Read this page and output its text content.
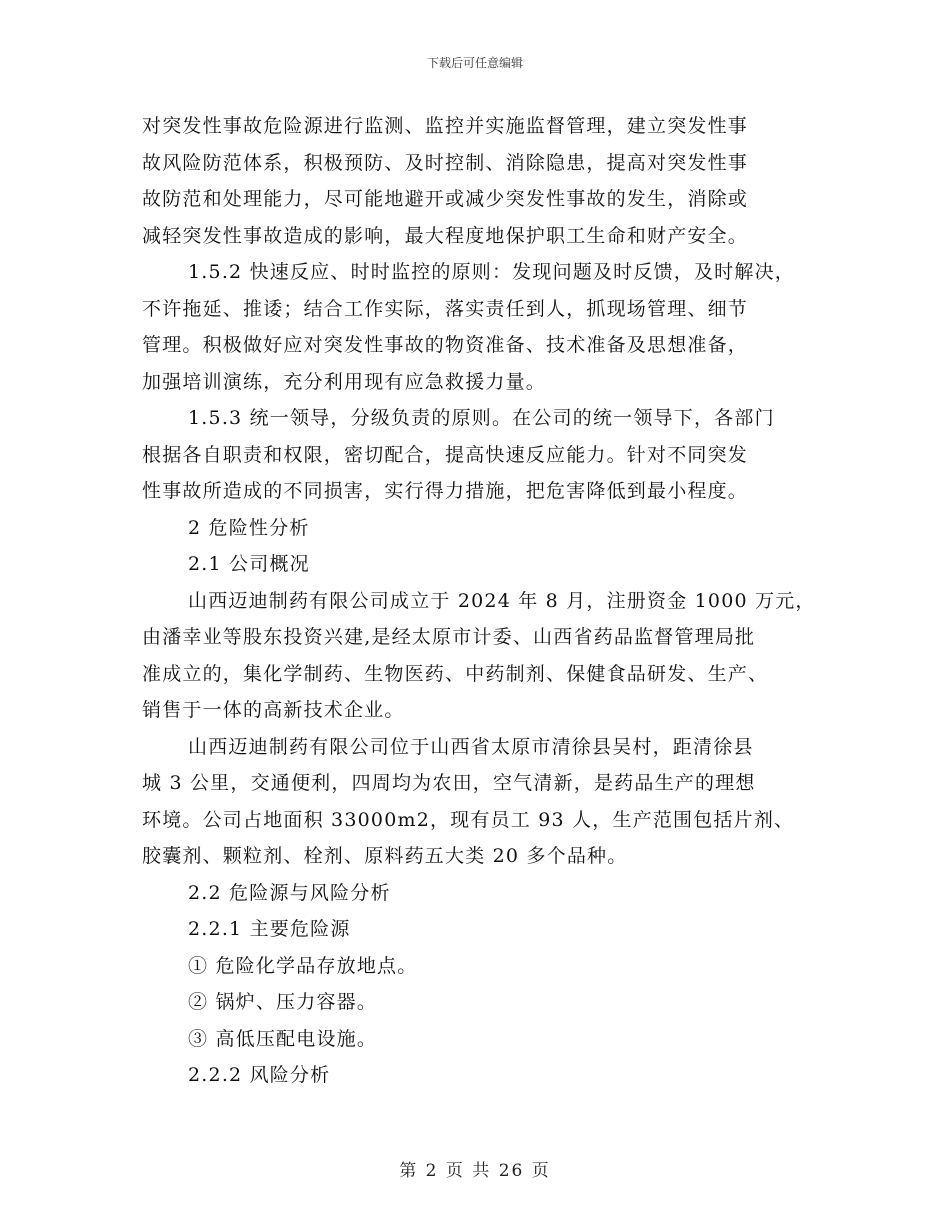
下载后可任意编辑
对突发性事故危险源进行监测、监控并实施监督管理，建立突发性事
故风险防范体系，积极预防、及时控制、消除隐患，提高对突发性事
故防范和处理能力，尽可能地避开或减少突发性事故的发生，消除或
减轻突发性事故造成的影响，最大程度地保护职工生命和财产安全。
1.5.2 快速反应、时时监控的原则：发现问题及时反馈，及时解决，
不许拖延、推诿；结合工作实际，落实责任到人，抓现场管理、细节
管理。积极做好应对突发性事故的物资准备、技术准备及思想准备，
加强培训演练，充分利用现有应急救援力量。
1.5.3 统一领导，分级负责的原则。在公司的统一领导下，各部门
根据各自职责和权限，密切配合，提高快速反应能力。针对不同突发
性事故所造成的不同损害，实行得力措施，把危害降低到最小程度。
2 危险性分析
2.1 公司概况
山西迈迪制药有限公司成立于 2024 年 8 月，注册资金 1000 万元，
由潘幸业等股东投资兴建,是经太原市计委、山西省药品监督管理局批
准成立的，集化学制药、生物医药、中药制剂、保健食品研发、生产、
销售于一体的高新技术企业。
山西迈迪制药有限公司位于山西省太原市清徐县吴村，距清徐县
城 3 公里，交通便利，四周均为农田，空气清新，是药品生产的理想
环境。公司占地面积 33000m2，现有员工 93 人，生产范围包括片剂、
胶囊剂、颗粒剂、栓剂、原料药五大类 20 多个品种。
2.2 危险源与风险分析
2.2.1 主要危险源
① 危险化学品存放地点。
② 锅炉、压力容器。
③ 高低压配电设施。
2.2.2 风险分析
第 2 页 共 26 页
